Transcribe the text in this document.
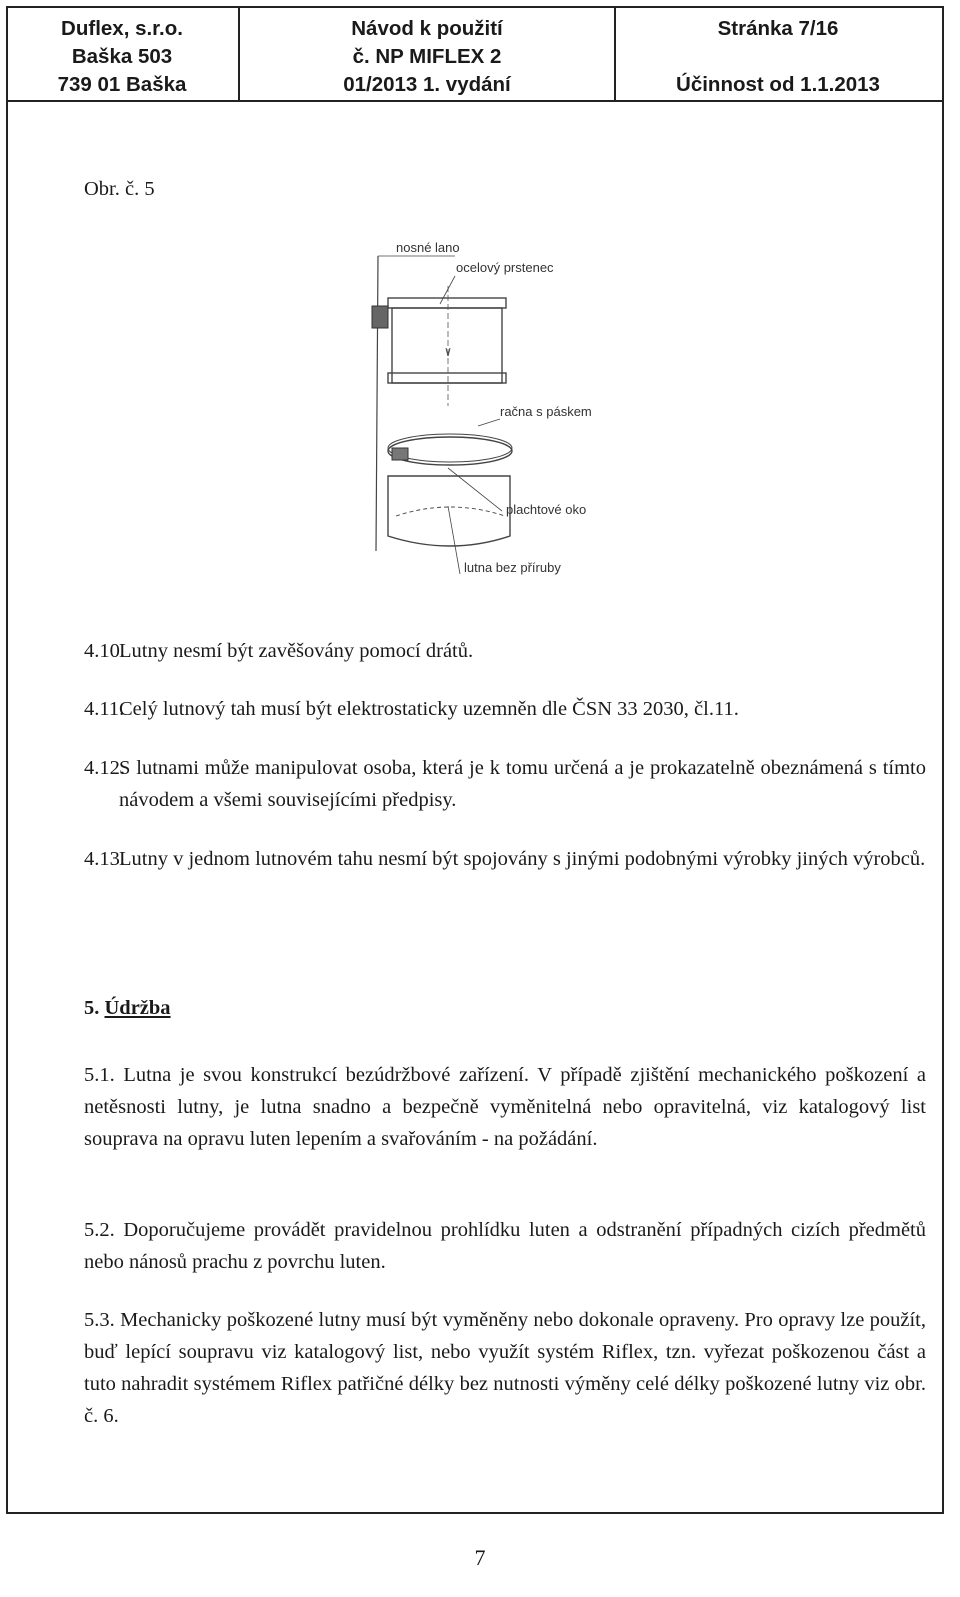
Duflex, s.r.o.
Baška 503
739 01 Baška
Návod k použití
č. NP MIFLEX 2
01/2013 1. vydání
Stránka 7/16
Účinnost od 1.1.2013
Obr. č. 5
nosné lano
ocelový prstenec
račna s páskem
plachtové oko
lutna bez příruby
4.10.
Lutny nesmí být zavěšovány pomocí drátů.
4.11.
Celý lutnový tah musí být elektrostaticky uzemněn dle ČSN 33 2030, čl.11.
4.12.
S lutnami může manipulovat osoba, která je k tomu určená a je prokazatelně obeznámená s tímto návodem a všemi souvisejícími předpisy.
4.13.
Lutny v jednom lutnovém tahu nesmí být spojovány s jinými podobnými výrobky jiných výrobců.
5. Údržba
5.1. Lutna je svou konstrukcí bezúdržbové zařízení. V případě zjištění mechanického poškození a netěsnosti lutny, je lutna snadno a bezpečně vyměnitelná nebo opravitelná, viz katalogový list souprava na opravu luten lepením a svařováním - na požádání.
5.2. Doporučujeme provádět pravidelnou prohlídku luten a odstranění případných cizích předmětů nebo nánosů prachu z povrchu luten.
5.3. Mechanicky poškozené lutny musí být vyměněny nebo dokonale opraveny. Pro opravy lze použít, buď lepící soupravu viz katalogový list, nebo využít systém Riflex, tzn. vyřezat poškozenou část a tuto nahradit systémem Riflex patřičné délky bez nutnosti výměny celé délky poškozené lutny viz obr. č. 6.
7
